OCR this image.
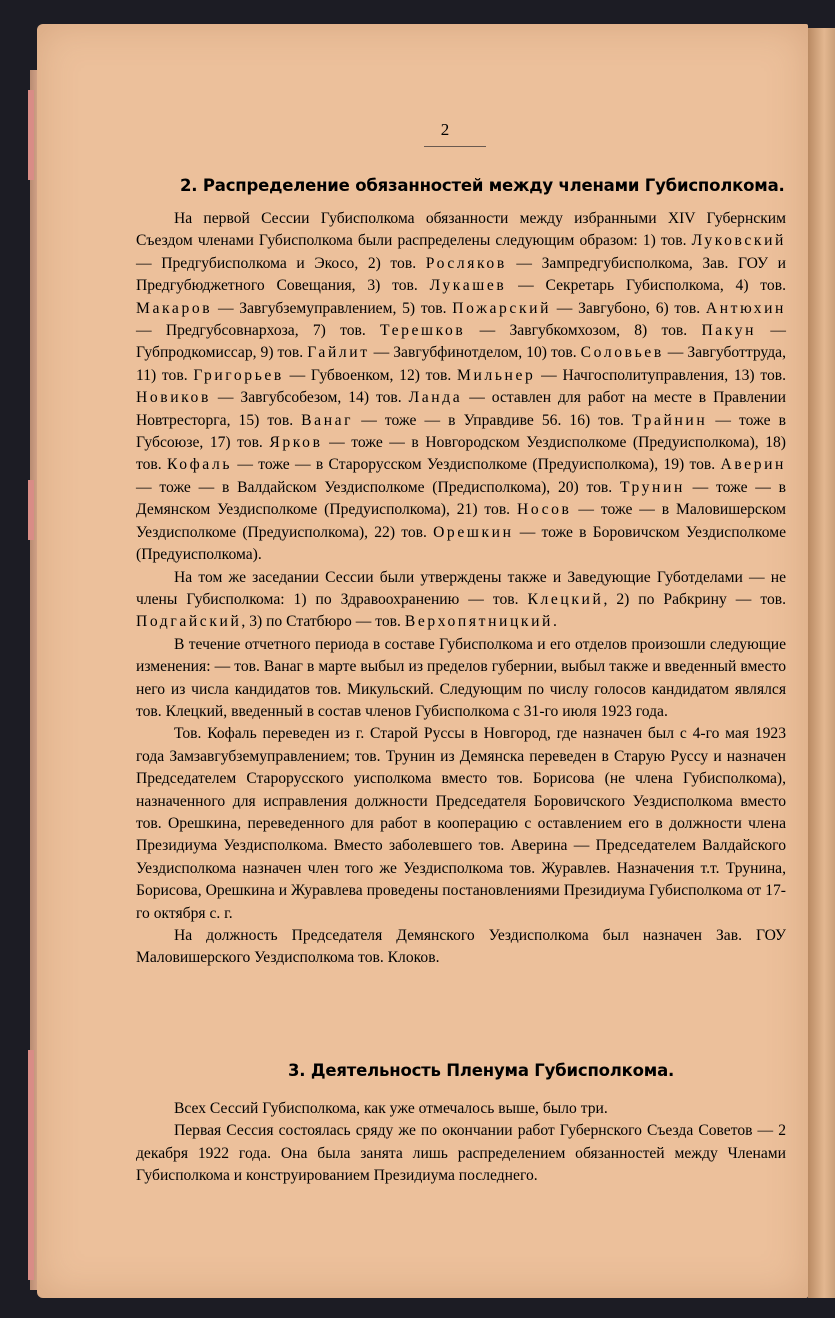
2
2. Распределение обязанностей между членами Губисполкома.

На первой Сессии Губисполкома обязанности между избранными XIV Губернским Съездом членами Губисполкома были распределены следующим образом: 1) тов. Луковский — Предгубисполкома и Экосо, 2) тов. Росляков — Зампредгубисполкома, Зав. ГОУ и Предгубюджетного Совещания, 3) тов. Лукашев — Секретарь Губисполкома, 4) тов. Макаров — Завгубземуправлением, 5) тов. Пожарский — Завгубоно, 6) тов. Антюхин — Предгубсовнархоза, 7) тов. Терешков — Завгубкомхозом, 8) тов. Пакун — Губпродкомиссар, 9) тов. Гайлит — Завгубфинотделом, 10) тов. Соловьев — Завгуботтруда, 11) тов. Григорьев — Губвоенком, 12) тов. Мильнер — Начгосполитуправления, 13) тов. Новиков — Завгубсобезом, 14) тов. Ланда — оставлен для работ на месте в Правлении Новтресторга, 15) тов. Ванаг — тоже — в Управдиве 56. 16) тов. Трайнин — тоже в Губсоюзе, 17) тов. Ярков — тоже — в Новгородском Уездисполкоме (Предуисполкома), 18) тов. Кофаль — тоже — в Старорусском Уездисполкоме (Предуисполкома), 19) тов. Аверин — тоже — в Валдайском Уездисполкоме (Предисполкома), 20) тов. Трунин — тоже — в Демянском Уездисполкоме (Предуисполкома), 21) тов. Носов — тоже — в Маловишерском Уездисполкоме (Предуисполкома), 22) тов. Орешкин — тоже в Боровичском Уездисполкоме (Предуисполкома).

На том же заседании Сессии были утверждены также и Заведующие Губотделами — не члены Губисполкома: 1) по Здравоохранению — тов. Клецкий, 2) по Рабкрину — тов. Подгайский, 3) по Статбюро — тов. Верхопятницкий.

В течение отчетного периода в составе Губисполкома и его отделов произошли следующие изменения: — тов. Ванаг в марте выбыл из пределов губернии, выбыл также и введенный вместо него из числа кандидатов тов. Микульский. Следующим по числу голосов кандидатом являлся тов. Клецкий, введенный в состав членов Губисполкома с 31-го июля 1923 года.

Тов. Кофаль переведен из г. Старой Руссы в Новгород, где назначен был с 4-го мая 1923 года Замзавгубземуправлением; тов. Трунин из Демянска переведен в Старую Руссу и назначен Председателем Старорусского уисполкома вместо тов. Борисова (не члена Губисполкома), назначенного для исправления должности Председателя Боровичского Уездисполкома вместо тов. Орешкина, переведенного для работ в кооперацию с оставлением его в должности члена Президиума Уездисполкома. Вместо заболевшего тов. Аверина — Председателем Валдайского Уездисполкома назначен член того же Уездисполкома тов. Журавлев. Назначения т.т. Трунина, Борисова, Орешкина и Журавлева проведены постановлениями Президиума Губисполкома от 17-го октября с. г.

На должность Председателя Демянского Уездисполкома был назначен Зав. ГОУ Маловишерского Уездисполкома тов. Клоков.

3. Деятельность Пленума Губисполкома.

Всех Сессий Губисполкома, как уже отмечалось выше, было три.

Первая Сессия состоялась сряду же по окончании работ Губернского Съезда Советов — 2 декабря 1922 года. Она была занята лишь распределением обязанностей между Членами Губисполкома и конструированием Президиума последнего.
